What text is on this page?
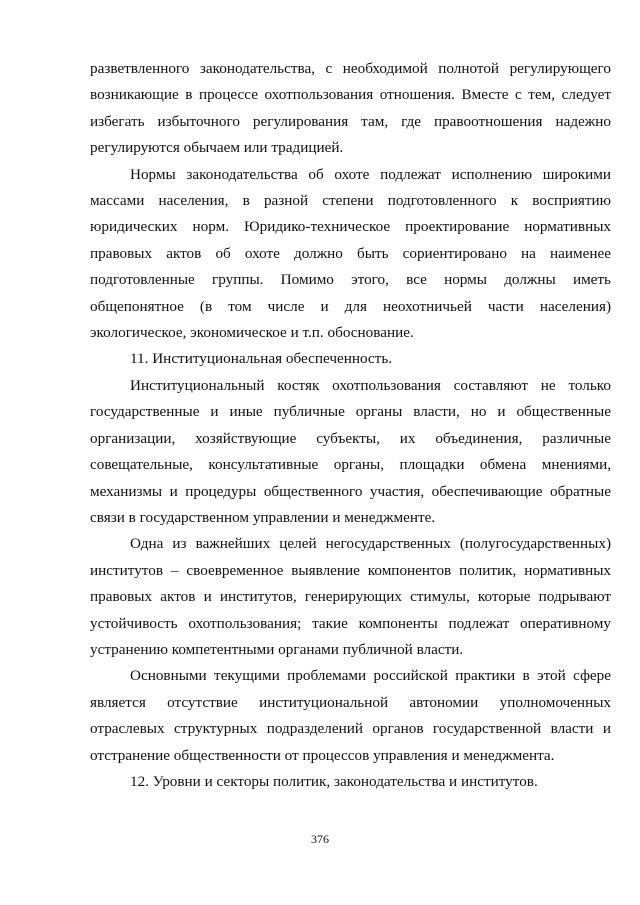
разветвленного законодательства, с необходимой полнотой регулирующего возникающие в процессе охотпользования отношения. Вместе с тем, следует избегать избыточного регулирования там, где правоотношения надежно регулируются обычаем или традицией.

Нормы законодательства об охоте подлежат исполнению широкими массами населения, в разной степени подготовленного к восприятию юридических норм. Юридико-техническое проектирование нормативных правовых актов об охоте должно быть сориентировано на наименее подготовленные группы. Помимо этого, все нормы должны иметь общепонятное (в том числе и для неохотничьей части населения) экологическое, экономическое и т.п. обоснование.

11. Институциональная обеспеченность.

Институциональный костяк охотпользования составляют не только государственные и иные публичные органы власти, но и общественные организации, хозяйствующие субъекты, их объединения, различные совещательные, консультативные органы, площадки обмена мнениями, механизмы и процедуры общественного участия, обеспечивающие обратные связи в государственном управлении и менеджменте.

Одна из важнейших целей негосударственных (полугосударственных) институтов – своевременное выявление компонентов политик, нормативных правовых актов и институтов, генерирующих стимулы, которые подрывают устойчивость охотпользования; такие компоненты подлежат оперативному устранению компетентными органами публичной власти.

Основными текущими проблемами российской практики в этой сфере является отсутствие институциональной автономии уполномоченных отраслевых структурных подразделений органов государственной власти и отстранение общественности от процессов управления и менеджмента.

12. Уровни и секторы политик, законодательства и институтов.

376
